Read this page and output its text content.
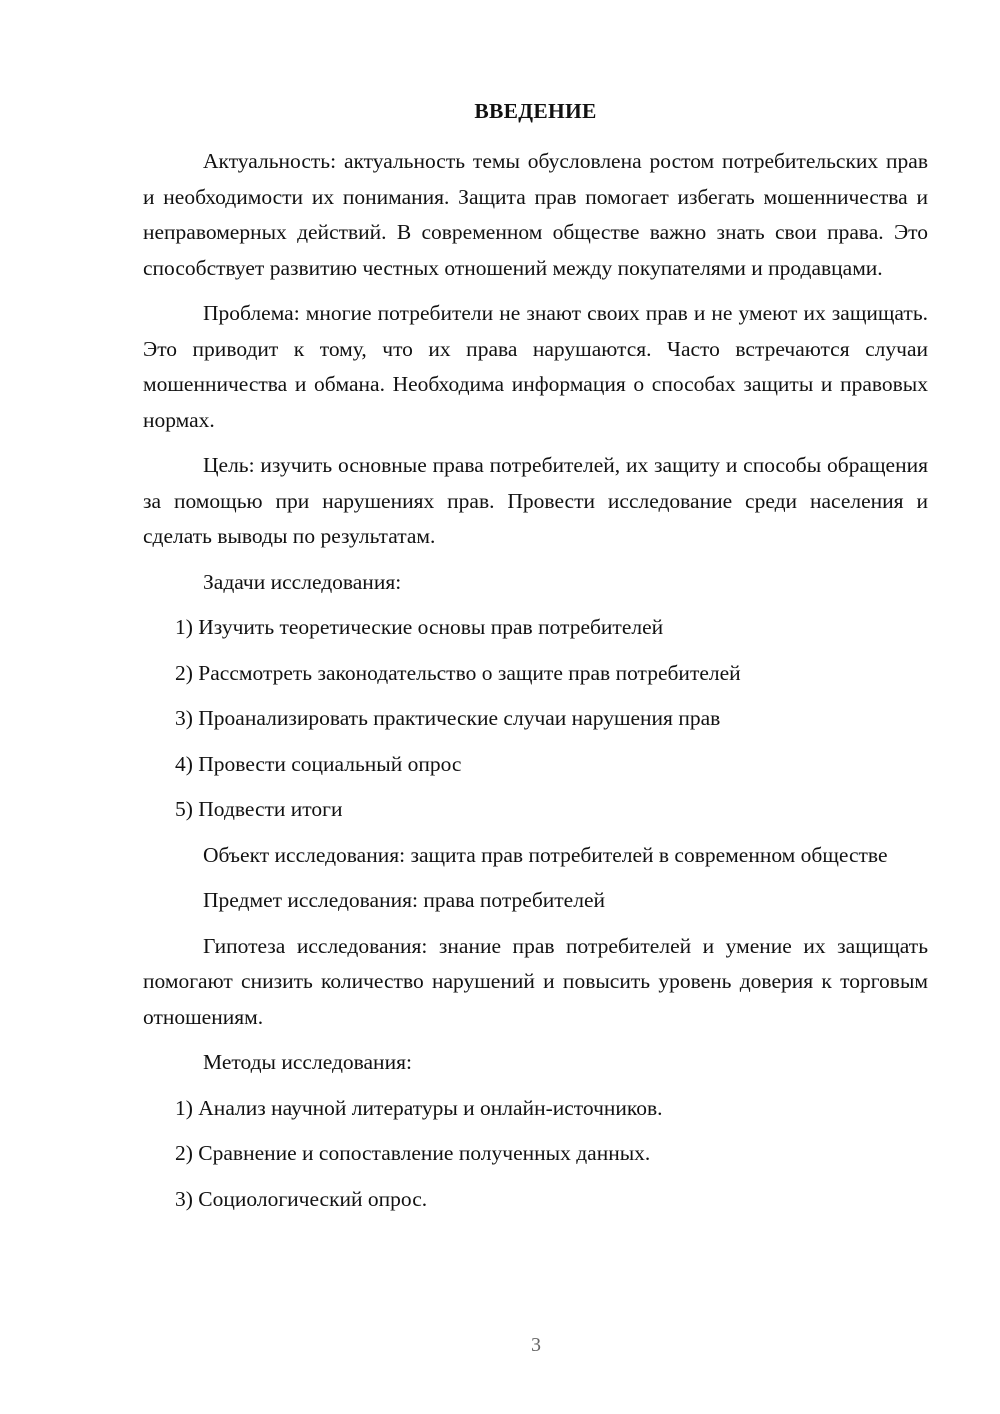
ВВЕДЕНИЕ

Актуальность: актуальность темы обусловлена ростом потребительских прав и необходимости их понимания. Защита прав помогает избегать мошенничества и неправомерных действий. В современном обществе важно знать свои права. Это способствует развитию честных отношений между покупателями и продавцами.

Проблема: многие потребители не знают своих прав и не умеют их защищать. Это приводит к тому, что их права нарушаются. Часто встречаются случаи мошенничества и обмана. Необходима информация о способах защиты и правовых нормах.

Цель: изучить основные права потребителей, их защиту и способы обращения за помощью при нарушениях прав. Провести исследование среди населения и сделать выводы по результатам.

Задачи исследования:

1) Изучить теоретические основы прав потребителей
2) Рассмотреть законодательство о защите прав потребителей
3) Проанализировать практические случаи нарушения прав
4) Провести социальный опрос
5) Подвести итоги

Объект исследования: защита прав потребителей в современном обществе

Предмет исследования: права потребителей

Гипотеза исследования: знание прав потребителей и умение их защищать помогают снизить количество нарушений и повысить уровень доверия к торговым отношениям.

Методы исследования:

1) Анализ научной литературы и онлайн-источников.
2) Сравнение и сопоставление полученных данных.
3) Социологический опрос.
3
